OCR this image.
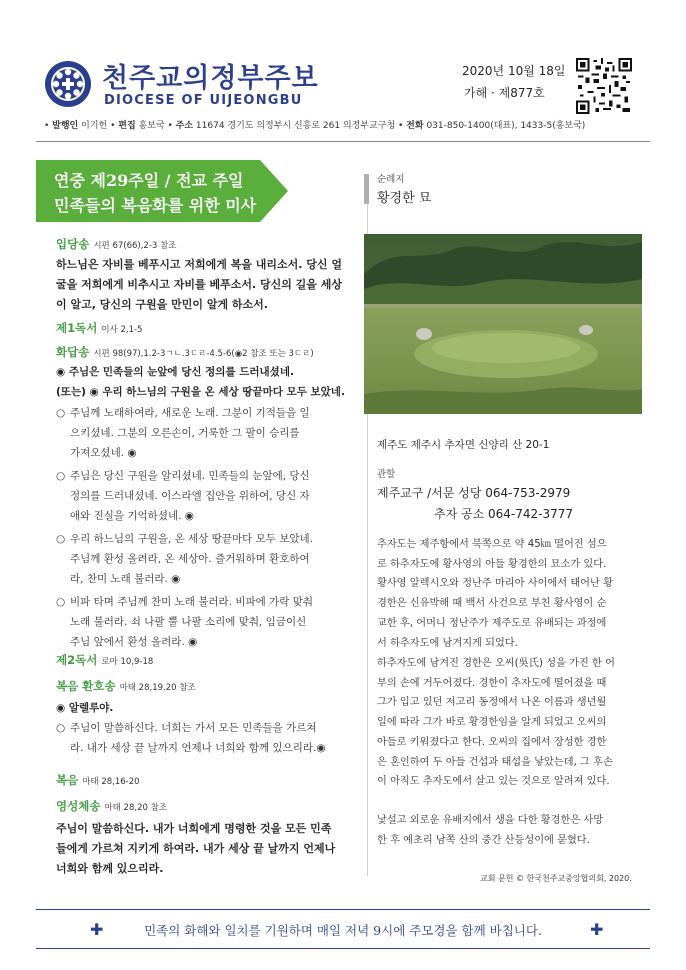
천주교의정부주보
DIOCESE OF UIJEONGBU
2020년 10월 18일
가해 · 제877호
• 발행인 이기헌 • 편집 홍보국 • 주소 11674 경기도 의정부시 신흥로 261 의정부교구청 • 전화 031-850-1400(대표), 1433-5(홍보국)
연중 제29주일 / 전교 주일
민족들의 복음화를 위한 미사
입당송 시편 67(66),2-3 참조
하느님은 자비를 베푸시고 저희에게 복을 내리소서. 당신 얼
굴을 저희에게 비추시고 자비를 베푸소서. 당신의 길을 세상
이 알고, 당신의 구원을 만민이 알게 하소서.
제1독서 이사 2,1-5
화답송 시편 98(97),1.2-3ㄱㄴ.3ㄷㄹ-4.5-6(◉2 참조 또는 3ㄷㄹ)
◉ 주님은 민족들의 눈앞에 당신 정의를 드러내셨네.
(또는) ◉ 우리 하느님의 구원을 온 세상 땅끝마다 모두 보았네.
○ 주님께 노래하여라, 새로운 노래. 그분이 기적들을 일
으키셨네. 그분의 오른손이, 거룩한 그 팔이 승리를
가져오셨네. ◉
○ 주님은 당신 구원을 알리셨네. 민족들의 눈앞에, 당신
정의를 드러내셨네. 이스라엘 집안을 위하여, 당신 자
애와 진실을 기억하셨네. ◉
○ 우리 하느님의 구원을, 온 세상 땅끝마다 모두 보았네.
주님께 환성 올려라, 온 세상아. 즐거워하며 환호하여
라, 찬미 노래 불러라. ◉
○ 비파 타며 주님께 찬미 노래 불러라. 비파에 가락 맞춰
노래 불러라. 쇠 나팔 뿔 나팔 소리에 맞춰, 임금이신
주님 앞에서 환성 올려라. ◉
제2독서 로마 10,9-18
복음 환호송 마태 28,19.20 참조
◉ 알렐루야.
○ 주님이 말씀하신다. 너희는 가서 모든 민족들을 가르쳐
라. 내가 세상 끝 날까지 언제나 너희와 함께 있으리라.◉
복음 마태 28,16-20
영성체송 마태 28,20 참조
주님이 말씀하신다. 내가 너희에게 명령한 것을 모든 민족
들에게 가르쳐 지키게 하여라. 내가 세상 끝 날까지 언제나
너희와 함께 있으리라.
순례지
황경한 묘
제주도 제주시 추자면 신양리 산 20-1
관할
제주교구 /서문 성당 064-753-2979
추자 공소 064-742-3777
추자도는 제주항에서 북쪽으로 약 45㎞ 떨어진 섬으
로 하추자도에 황사영의 아들 황경한의 묘소가 있다.
황사영 알렉시오와 정난주 마리아 사이에서 태어난 황
경한은 신유박해 때 백서 사건으로 부친 황사영이 순
교한 후, 어머니 정난주가 제주도로 유배되는 과정에
서 하추자도에 남겨지게 되었다.
하추자도에 남겨진 경한은 오씨(吳氏) 성을 가진 한 어
부의 손에 거두어졌다. 경한이 추자도에 떨어졌을 때
그가 입고 있던 저고리 동정에서 나온 이름과 생년월
일에 따라 그가 바로 황경한임을 알게 되었고 오씨의
아들로 키워졌다고 한다. 오씨의 집에서 장성한 경한
은 혼인하여 두 아들 건섭과 태섭을 낳았는데, 그 후손
이 아직도 추자도에서 살고 있는 것으로 알려져 있다.
낯설고 외로운 유배지에서 생을 다한 황경한은 사망
한 후 예초리 남쪽 산의 중간 산등성이에 묻혔다.
교회 문헌 © 한국천주교중앙협의회, 2020.
✚	민족의 화해와 일치를 기원하며 매일 저녁 9시에 주모경을 함께 바칩니다.	✚
